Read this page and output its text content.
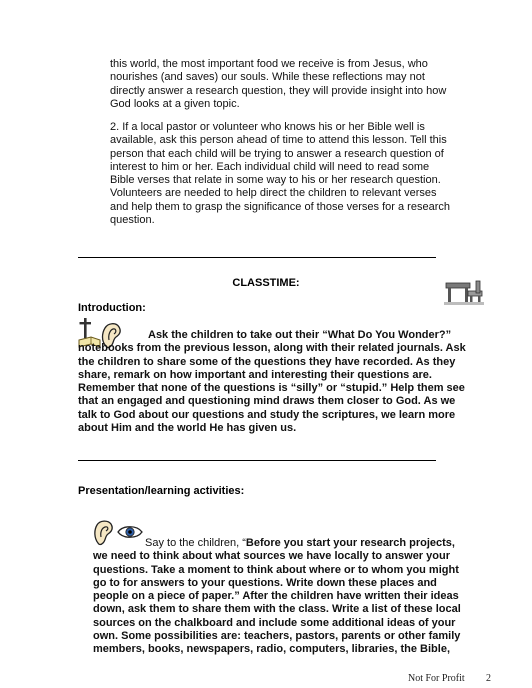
this world, the most important food we receive is from Jesus, who nourishes (and saves) our souls. While these reflections may not directly answer a research question, they will provide insight into how God looks at a given topic.

2. If a local pastor or volunteer who knows his or her Bible well is available, ask this person ahead of time to attend this lesson. Tell this person that each child will be trying to answer a research question of interest to him or her. Each individual child will need to read some Bible verses that relate in some way to his or her research question. Volunteers are needed to help direct the children to relevant verses and help them to grasp the significance of those verses for a research question.

CLASSTIME:
Introduction:

Ask the children to take out their “What Do You Wonder?” notebooks from the previous lesson, along with their related journals. Ask the children to share some of the questions they have recorded. As they share, remark on how important and interesting their questions are. Remember that none of the questions is “silly” or “stupid.” Help them see that an engaged and questioning mind draws them closer to God. As we talk to God about our questions and study the scriptures, we learn more about Him and the world He has given us.

Presentation/learning activities:

Say to the children, “Before you start your research projects, we need to think about what sources we have locally to answer your questions. Take a moment to think about where or to whom you might go to for answers to your questions. Write down these places and people on a piece of paper.” After the children have written their ideas down, ask them to share them with the class. Write a list of these local sources on the chalkboard and include some additional ideas of your own. Some possibilities are: teachers, pastors, parents or other family members, books, newspapers, radio, computers, libraries, the Bible,

Not For Profit 2
